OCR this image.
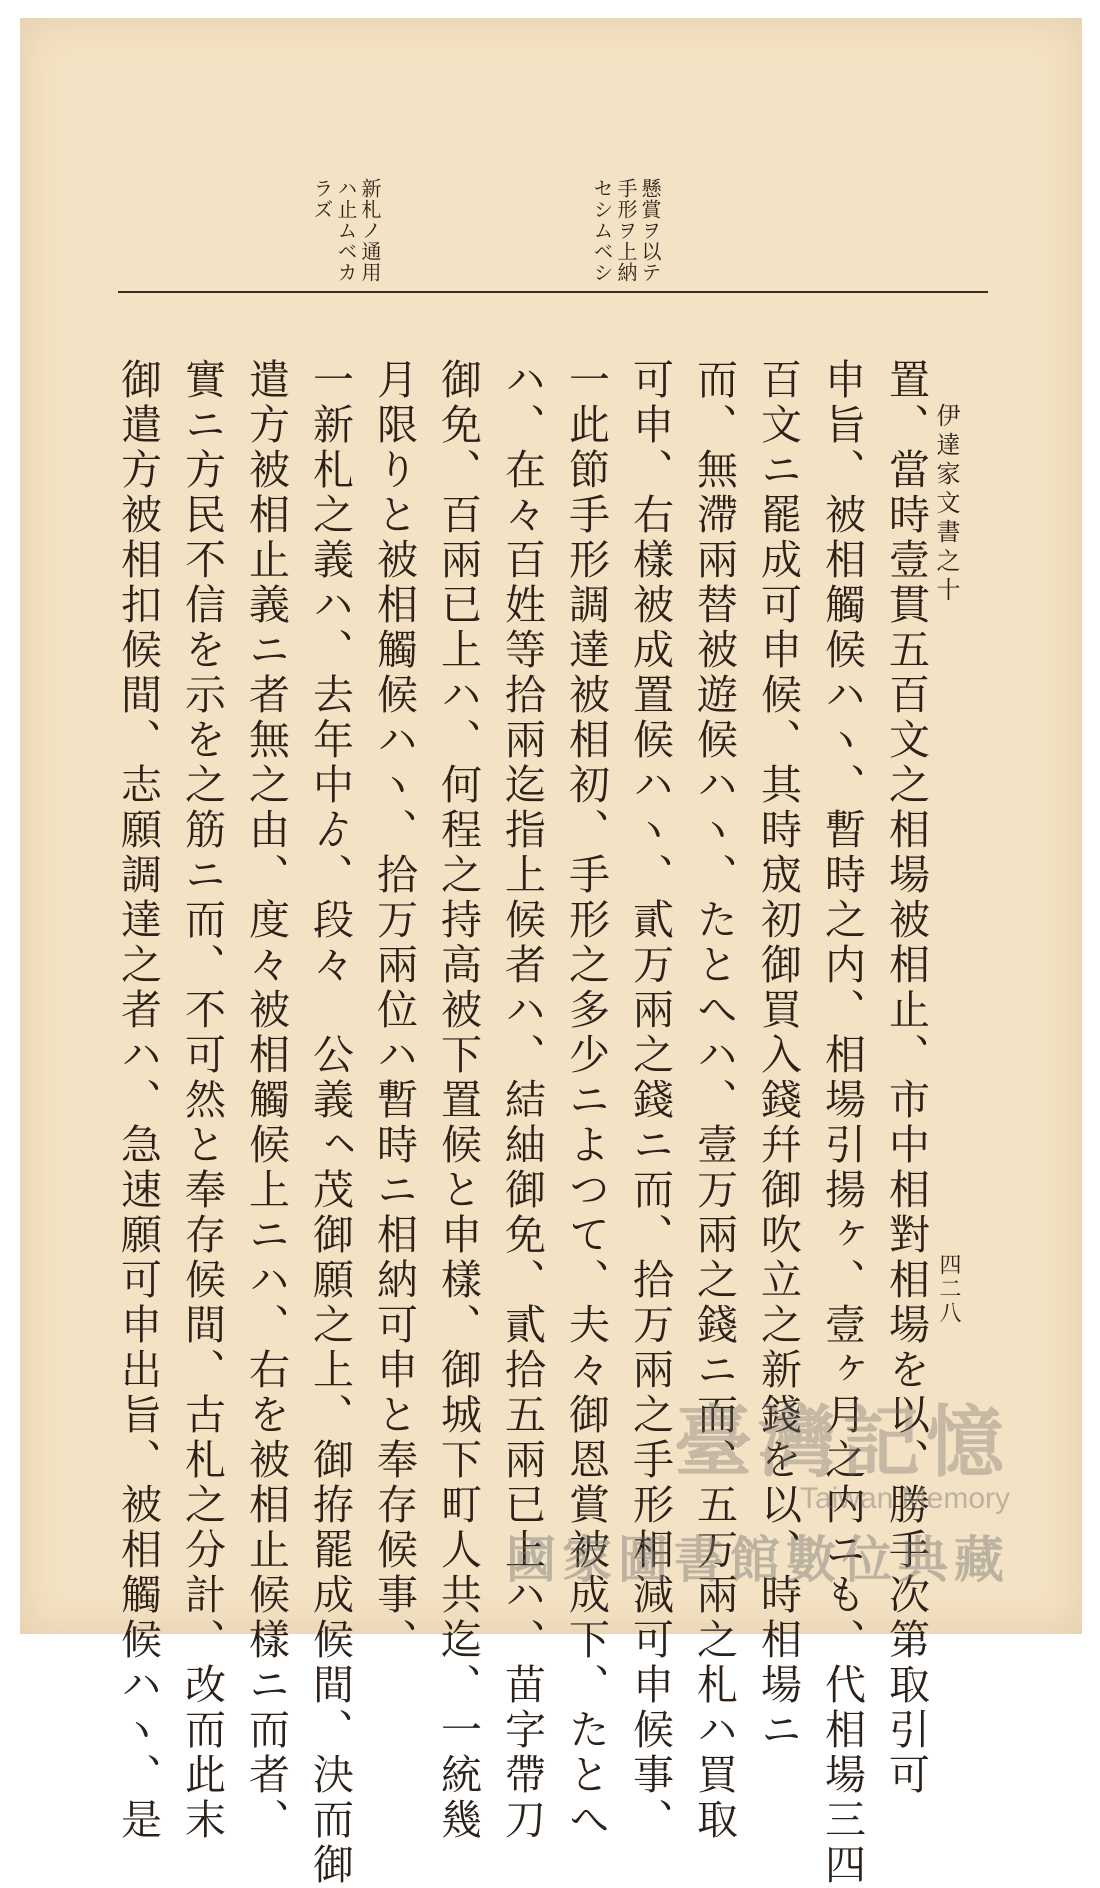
伊達家文書之十
四二八
懸賞ヲ以テ手形ヲ上納セシムベシ
新札ノ通用ハ止ムベカラズ
置、當時壹貫五百文之相場被相止、市中相對相場を以、勝手次第取引可
申旨、被相觸候ハヽ、暫時之内、相場引揚ヶ、壹ヶ月之内ニも、代相場三四
百文ニ罷成可申候、其時宬初御買入錢幷御吹立之新錢を以、時相場ニ
而、無滯兩替被遊候ハヽ、たとへハ、壹万兩之錢ニ而、五万兩之札ハ買取
可申、右樣被成置候ハヽ、貳万兩之錢ニ而、拾万兩之手形相減可申候事、
一此節手形調達被相初、手形之多少ニよつて、夫々御恩賞被成下、たとへ
ハ、在々百姓等拾兩迄指上候者ハ、結紬御免、貳拾五兩已上ハ、苗字帶刀
御免、百兩已上ハ、何程之持高被下置候と申樣、御城下町人共迄、一統幾
月限りと被相觸候ハヽ、拾万兩位ハ暫時ニ相納可申と奉存候事、
一新札之義ハ、去年中ゟ、段々　公義ㇸ茂御願之上、御拵罷成候間、決而御
遣方被相止義ニ者無之由、度々被相觸候上ニハ、右を被相止候樣ニ而者、
實ニ方民不信を示を之筋ニ而、不可然と奉存候間、古札之分計、改而此末
御遣方被相扣候間、志願調達之者ハ、急速願可申出旨、被相觸候ハヽ、是	臺灣記憶
Taiwan Memory
國家圖書館數位典藏
